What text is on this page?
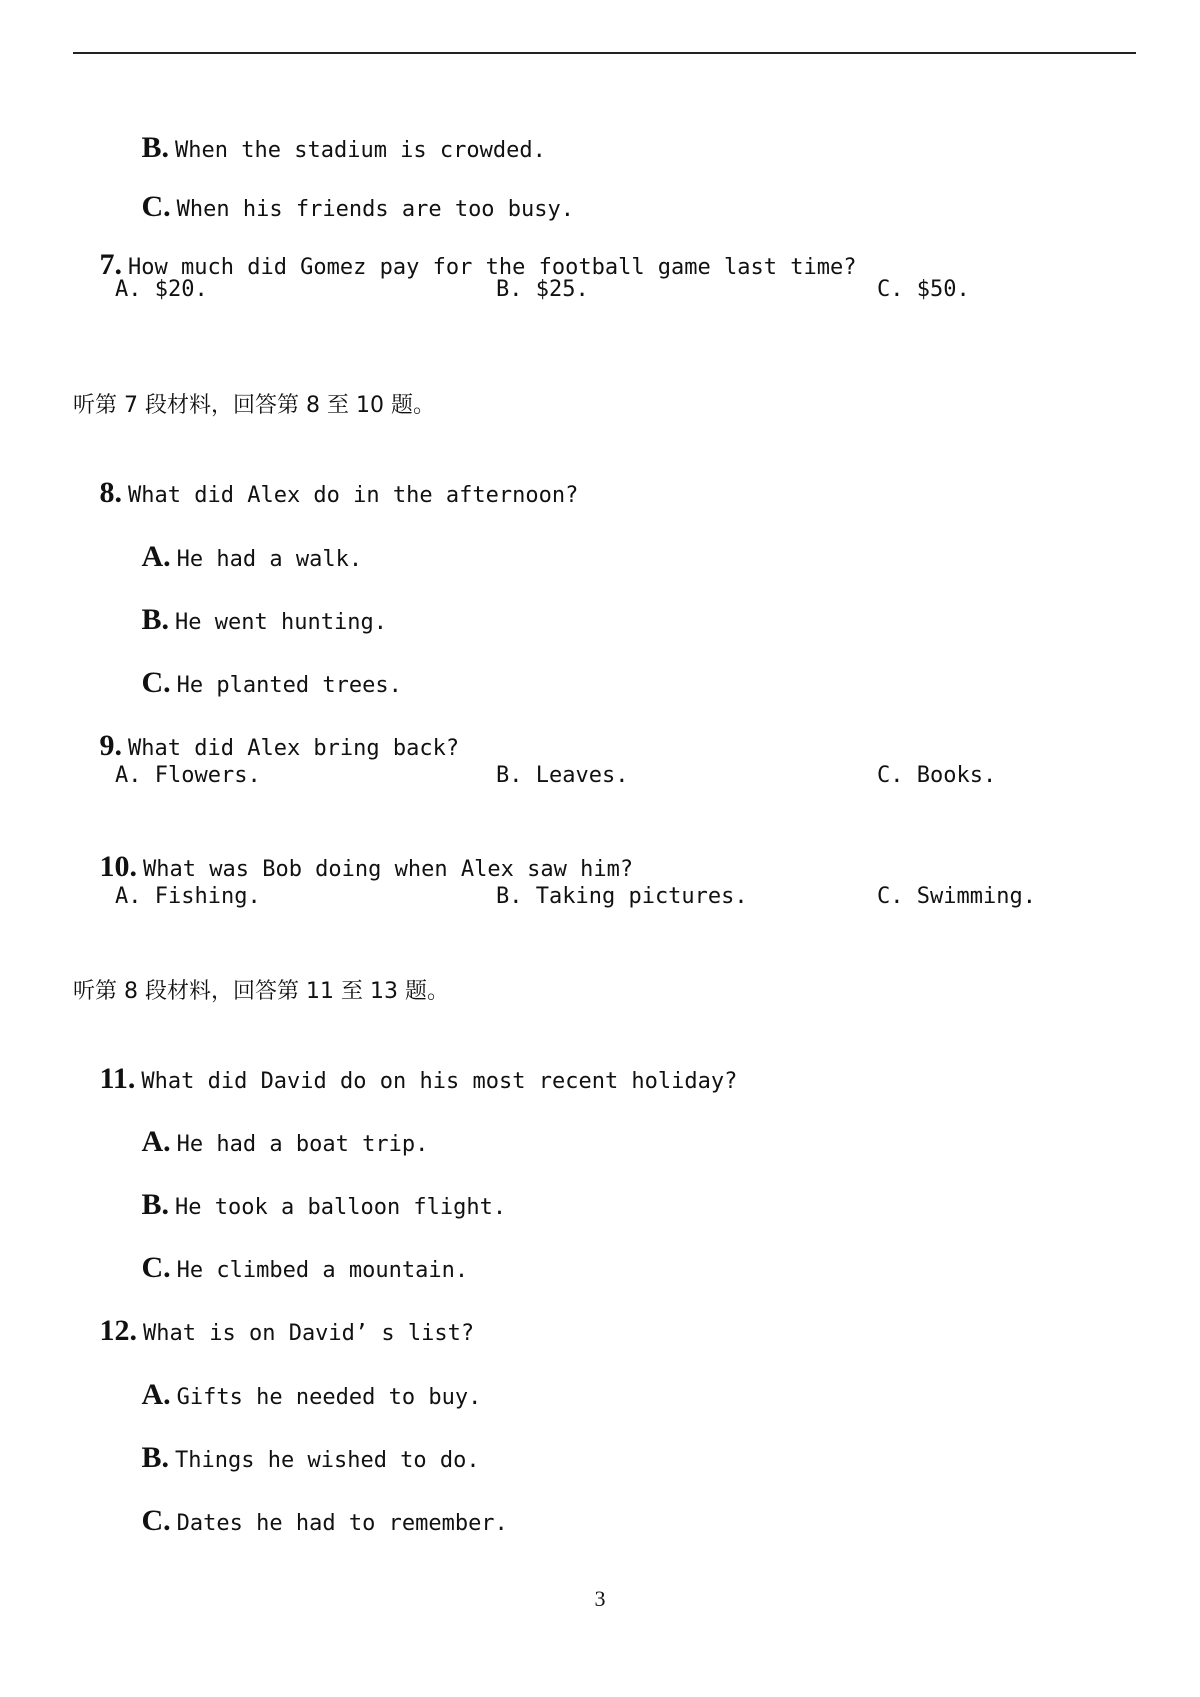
B. When the stadium is crowded.

C. When his friends are too busy.

7. How much did Gomez pay for the football game last time?

A. $20.	B. $25.	C. $50.
听第 7 段材料，回答第 8 至 10 题。

8. What did Alex do in the afternoon?

A. He had a walk.

B. He went hunting.

C. He planted trees.

9. What did Alex bring back?

A. Flowers.	B. Leaves.	C. Books.

10. What was Bob doing when Alex saw him?

A. Fishing.	B. Taking pictures.	C. Swimming.
听第 8 段材料，回答第 11 至 13 题。

11. What did David do on his most recent holiday?

A. He had a boat trip.

B. He took a balloon flight.

C. He climbed a mountain.

12. What is on David’ s list?

A. Gifts he needed to buy.

B. Things he wished to do.

C. Dates he had to remember.

3
